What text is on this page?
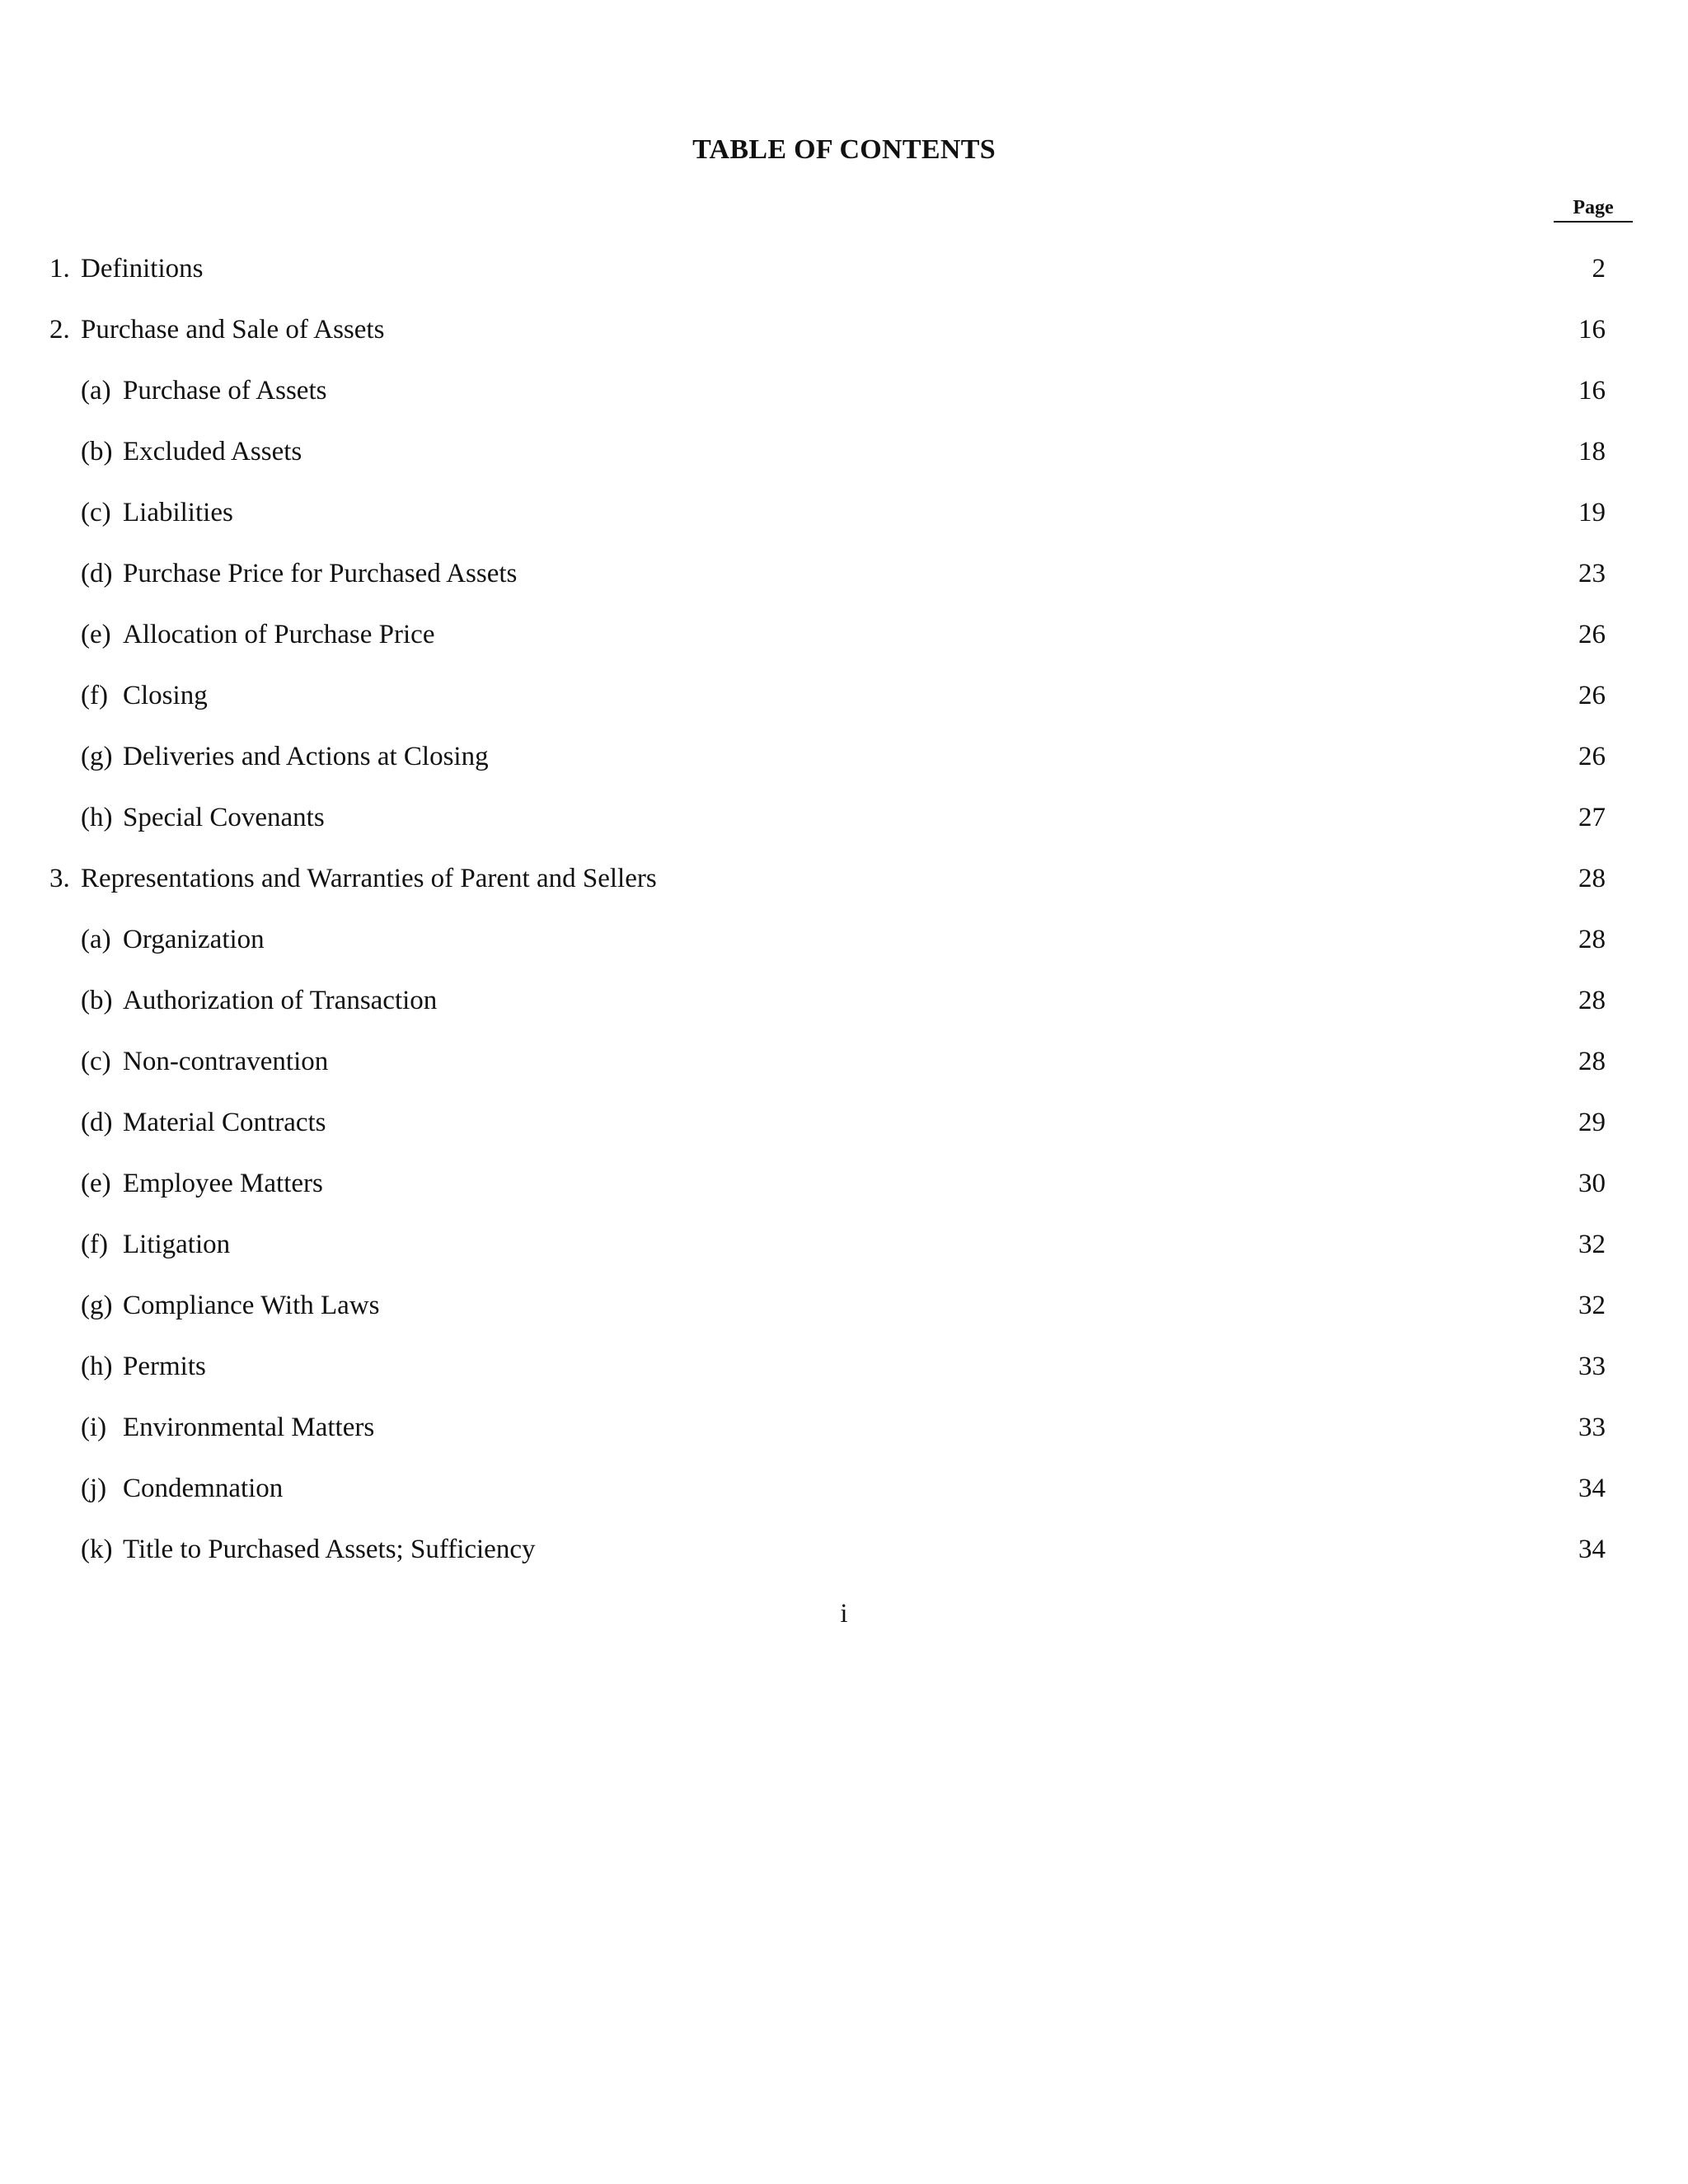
TABLE OF CONTENTS
Page
1. Definitions	2
2. Purchase and Sale of Assets	16
(a) Purchase of Assets	16
(b) Excluded Assets	18
(c) Liabilities	19
(d) Purchase Price for Purchased Assets	23
(e) Allocation of Purchase Price	26
(f) Closing	26
(g) Deliveries and Actions at Closing	26
(h) Special Covenants	27
3. Representations and Warranties of Parent and Sellers	28
(a) Organization	28
(b) Authorization of Transaction	28
(c) Non-contravention	28
(d) Material Contracts	29
(e) Employee Matters	30
(f) Litigation	32
(g) Compliance With Laws	32
(h) Permits	33
(i) Environmental Matters	33
(j) Condemnation	34
(k) Title to Purchased Assets; Sufficiency	34
i
